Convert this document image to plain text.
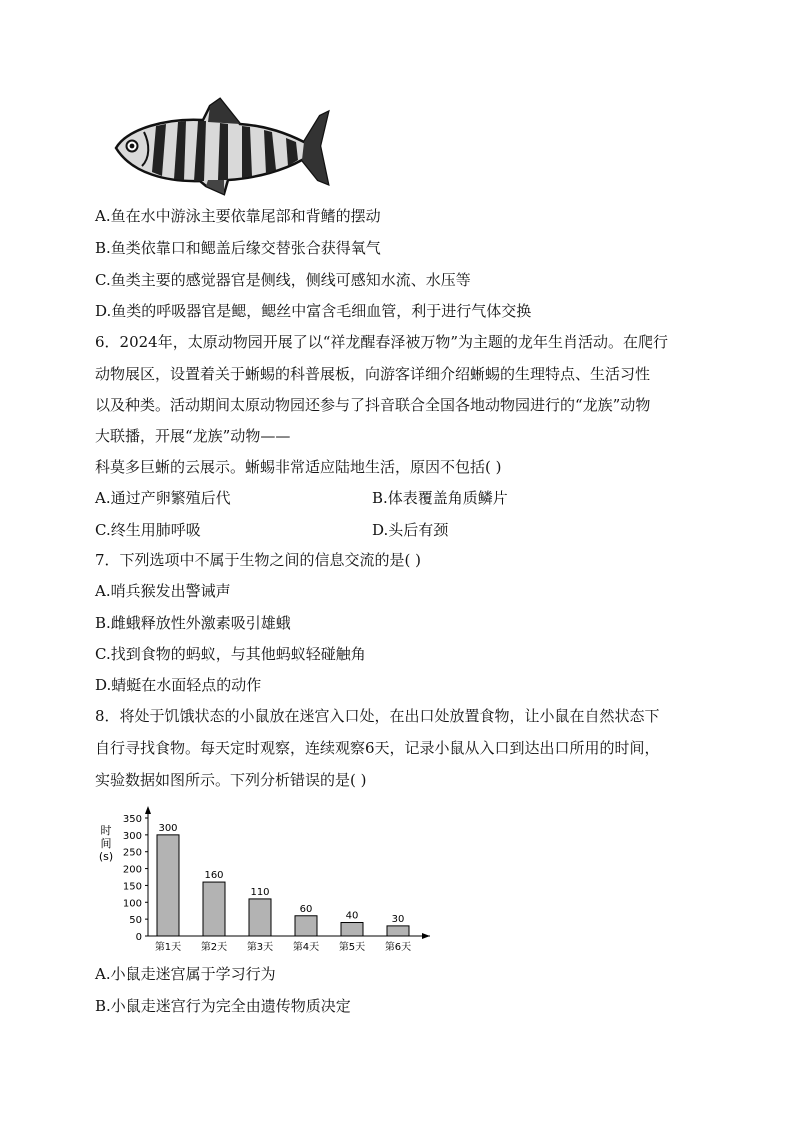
A.鱼在水中游泳主要依靠尾部和背鳍的摆动
B.鱼类依靠口和鳃盖后缘交替张合获得氧气
C.鱼类主要的感觉器官是侧线，侧线可感知水流、水压等
D.鱼类的呼吸器官是鳃，鳃丝中富含毛细血管，利于进行气体交换
6．2024年，太原动物园开展了以“祥龙醒春泽被万物”为主题的龙年生肖活动。在爬行
动物展区，设置着关于蜥蜴的科普展板，向游客详细介绍蜥蜴的生理特点、生活习性
以及种类。活动期间太原动物园还参与了抖音联合全国各地动物园进行的“龙族”动物
大联播，开展“龙族”动物——
科莫多巨蜥的云展示。蜥蜴非常适应陆地生活，原因不包括( )
A.通过产卵繁殖后代	B.体表覆盖角质鳞片
C.终生用肺呼吸	D.头后有颈
7．下列选项中不属于生物之间的信息交流的是( )
A.哨兵猴发出警诫声
B.雌蛾释放性外激素吸引雄蛾
C.找到食物的蚂蚁，与其他蚂蚁轻碰触角
D.蜻蜓在水面轻点的动作
8．将处于饥饿状态的小鼠放在迷宫入口处，在出口处放置食物，让小鼠在自然状态下
自行寻找食物。每天定时观察，连续观察6天，记录小鼠从入口到达出口所用的时间，
实验数据如图所示。下列分析错误的是( )
0
50
100
150
200
250
300
350
时
间
(s)
300
第1天
160
第2天
110
第3天
60
第4天
40
第5天
30
第6天
A.小鼠走迷宫属于学习行为
B.小鼠走迷宫行为完全由遗传物质决定
